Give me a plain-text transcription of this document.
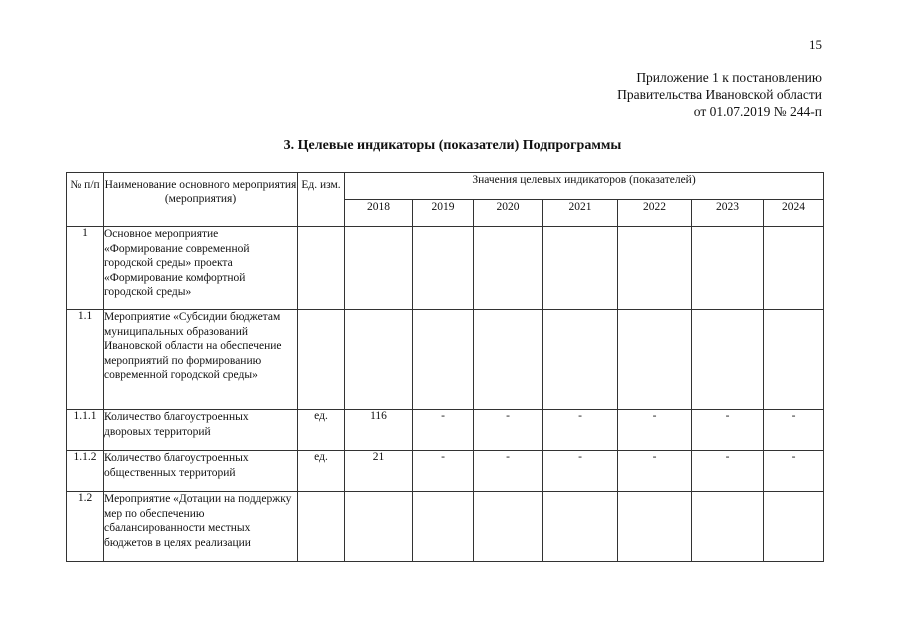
15
Приложение 1 к постановлению
Правительства Ивановской области
от 01.07.2019 № 244-п
3. Целевые индикаторы (показатели) Подпрограммы
№ п/п	Наименование основного мероприятия (мероприятия)	Ед. изм.	Значения целевых индикаторов (показателей)						
			2018	2019	2020	2021	2022	2023	2024
1	Основное мероприятие «Формирование современной городской среды» проекта «Формирование комфортной городской среды»								
1.1	Мероприятие «Субсидии бюджетам муниципальных образований Ивановской области на обеспечение мероприятий по формированию современной городской среды»								
1.1.1	Количество благоустроенных дворовых территорий	ед.	116	-	-	-	-	-	-
1.1.2	Количество благоустроенных общественных территорий	ед.	21	-	-	-	-	-	-
1.2	Мероприятие «Дотации на поддержку мер по обеспечению сбалансированности местных бюджетов в целях реализации								
